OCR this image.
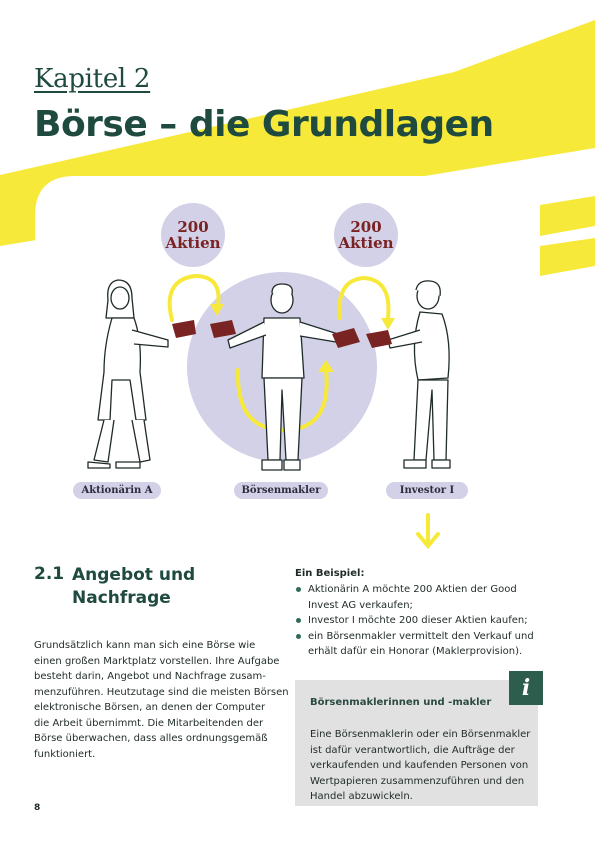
Kapitel 2
Börse – die Grundlagen
200
Aktien
200
Aktien
Aktionärin A	Börsenmakler	Investor I
2.1 Angebot und
Nachfrage
Grundsätzlich kann man sich eine Börse wie
einen großen Marktplatz vorstellen. Ihre Aufgabe
besteht darin, Angebot und Nachfrage zusam-
menzuführen. Heutzutage sind die meisten Börsen
elektronische Börsen, an denen der Computer
die Arbeit übernimmt. Die Mitarbeitenden der
Börse überwachen, dass alles ordnungsgemäß
funktioniert.
Ein Beispiel:
Aktionärin A möchte 200 Aktien der Good
Invest AG verkaufen;
Investor I möchte 200 dieser Aktien kaufen;
ein Börsenmakler vermittelt den Verkauf und
erhält dafür ein Honorar (Maklerprovision).
i
Börsenmaklerinnen und -makler
Eine Börsenmaklerin oder ein Börsenmakler
ist dafür verantwortlich, die Aufträge der
verkaufenden und kaufenden Personen von
Wertpapieren zusammenzuführen und den
Handel abzuwickeln.
8
